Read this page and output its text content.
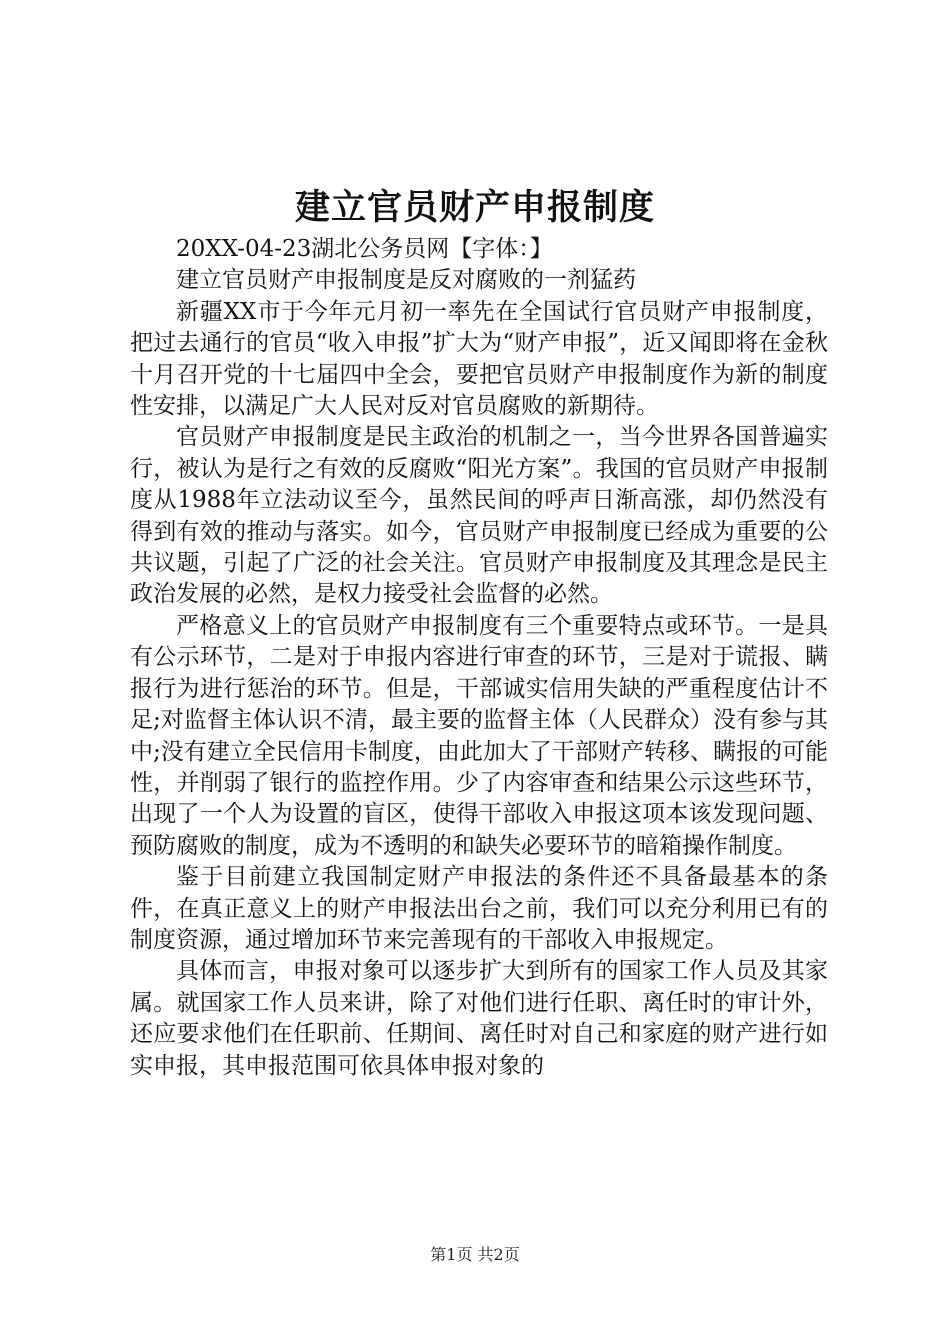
建立官员财产申报制度

20XX-04-23湖北公务员网【字体：】

建立官员财产申报制度是反对腐败的一剂猛药

新疆XX市于今年元月初一率先在全国试行官员财产申报制度，把过去通行的官员“收入申报”扩大为“财产申报”，近又闻即将在金秋十月召开党的十七届四中全会，要把官员财产申报制度作为新的制度性安排，以满足广大人民对反对官员腐败的新期待。

官员财产申报制度是民主政治的机制之一，当今世界各国普遍实行，被认为是行之有效的反腐败“阳光方案”。我国的官员财产申报制度从1988年立法动议至今，虽然民间的呼声日渐高涨，却仍然没有得到有效的推动与落实。如今，官员财产申报制度已经成为重要的公共议题，引起了广泛的社会关注。官员财产申报制度及其理念是民主政治发展的必然，是权力接受社会监督的必然。

严格意义上的官员财产申报制度有三个重要特点或环节。一是具有公示环节，二是对于申报内容进行审查的环节，三是对于谎报、瞒报行为进行惩治的环节。但是，干部诚实信用失缺的严重程度估计不足;对监督主体认识不清，最主要的监督主体（人民群众）没有参与其中;没有建立全民信用卡制度，由此加大了干部财产转移、瞒报的可能性，并削弱了银行的监控作用。少了内容审查和结果公示这些环节，出现了一个人为设置的盲区，使得干部收入申报这项本该发现问题、预防腐败的制度，成为不透明的和缺失必要环节的暗箱操作制度。

鉴于目前建立我国制定财产申报法的条件还不具备最基本的条件，在真正意义上的财产申报法出台之前，我们可以充分利用已有的制度资源，通过增加环节来完善现有的干部收入申报规定。

具体而言，申报对象可以逐步扩大到所有的国家工作人员及其家属。就国家工作人员来讲，除了对他们进行任职、离任时的审计外，还应要求他们在任职前、任期间、离任时对自己和家庭的财产进行如实申报，其申报范围可依具体申报对象的

第1页 共2页
